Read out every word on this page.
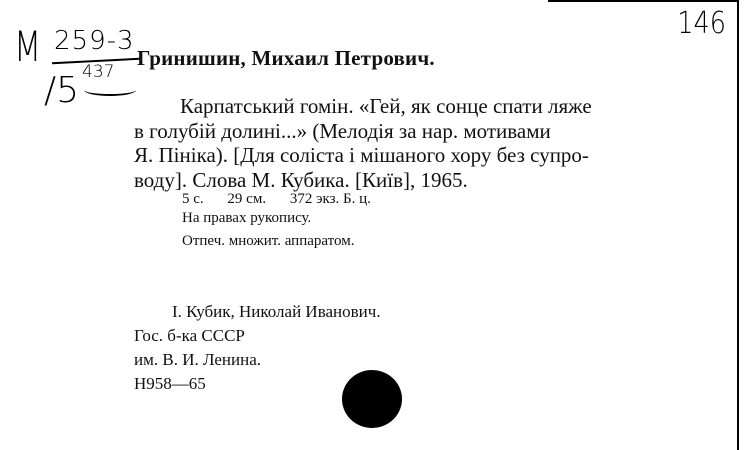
М 259-3
/5 437
146
Гринишин, Михаил Петрович.
Карпатський гомін. «Гей, як сонце спати ляже
в голубій долині...» (Мелодія за нар. мотивами
Я. Пініка). [Для соліста і мішаного хору без супро-
воду]. Слова М. Кубика. [Київ], 1965.
5 с. 29 см. 372 экз. Б. ц.
На правах рукопису.
Отпеч. множит. аппаратом.
I. Кубик, Николай Иванович.
Гос. б-ка СССР
им. В. И. Ленина.
Н958—65
